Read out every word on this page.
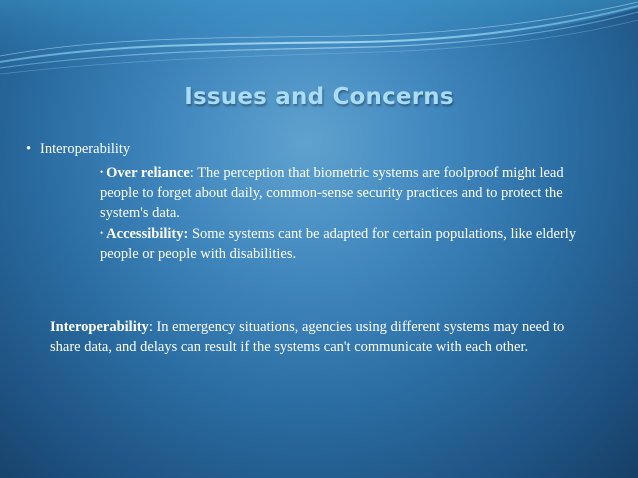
Issues and Concerns
• Interoperability
• Over reliance: The perception that biometric systems are foolproof might lead people to forget about daily, common-sense security practices and to protect the system's data.
• Accessibility: Some systems cant be adapted for certain populations, like elderly people or people with disabilities.
Interoperability: In emergency situations, agencies using different systems may need to share data, and delays can result if the systems can't communicate with each other.
